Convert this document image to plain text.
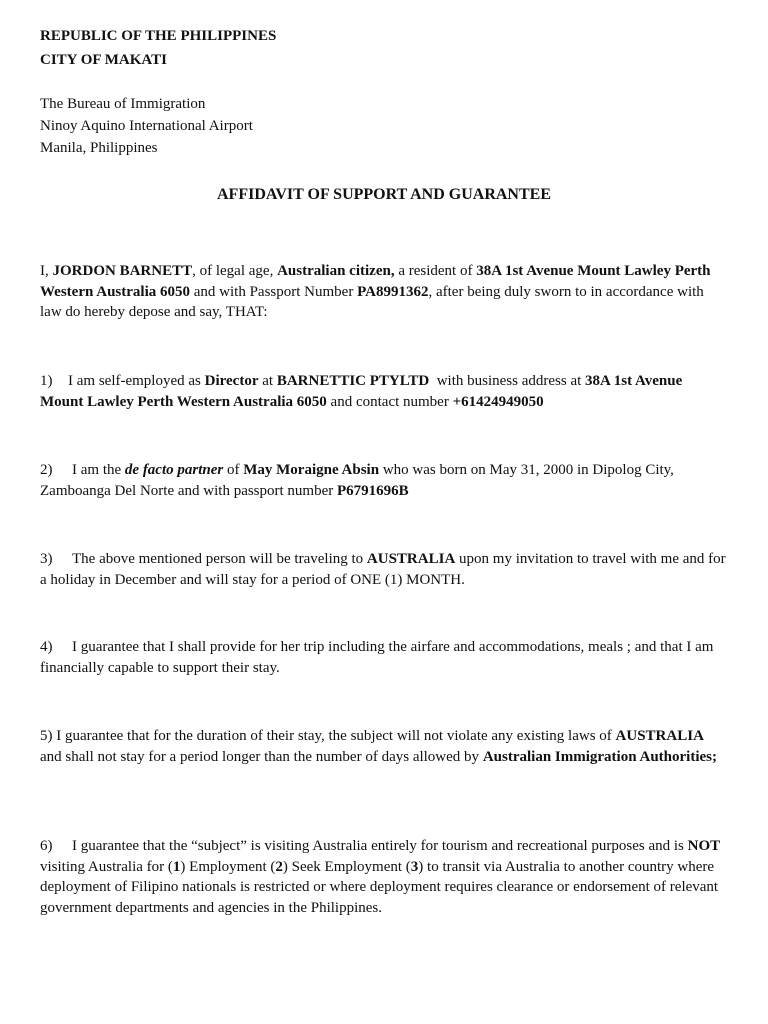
REPUBLIC OF THE PHILIPPINES
CITY OF MAKATI
The Bureau of Immigration
Ninoy Aquino International Airport
Manila, Philippines
AFFIDAVIT OF SUPPORT AND GUARANTEE
I, JORDON BARNETT, of legal age, Australian citizen, a resident of 38A 1st Avenue Mount Lawley Perth Western Australia 6050 and with Passport Number PA8991362, after being duly sworn to in accordance with law do hereby depose and say, THAT:
1) I am self-employed as Director at BARNETTIC PTYLTD  with business address at 38A 1st Avenue Mount Lawley Perth Western Australia 6050 and contact number +61424949050
2) I am the de facto partner of May Moraigne Absin who was born on May 31, 2000 in Dipolog City, Zamboanga Del Norte and with passport number P6791696B
3) The above mentioned person will be traveling to AUSTRALIA upon my invitation to travel with me and for a holiday in December and will stay for a period of ONE (1) MONTH.
4) I guarantee that I shall provide for her trip including the airfare and accommodations, meals ; and that I am financially capable to support their stay.
5) I guarantee that for the duration of their stay, the subject will not violate any existing laws of AUSTRALIA and shall not stay for a period longer than the number of days allowed by Australian Immigration Authorities;
6) I guarantee that the “subject” is visiting Australia entirely for tourism and recreational purposes and is NOT visiting Australia for (1) Employment (2) Seek Employment (3) to transit via Australia to another country where deployment of Filipino nationals is restricted or where deployment requires clearance or endorsement of relevant government departments and agencies in the Philippines.
